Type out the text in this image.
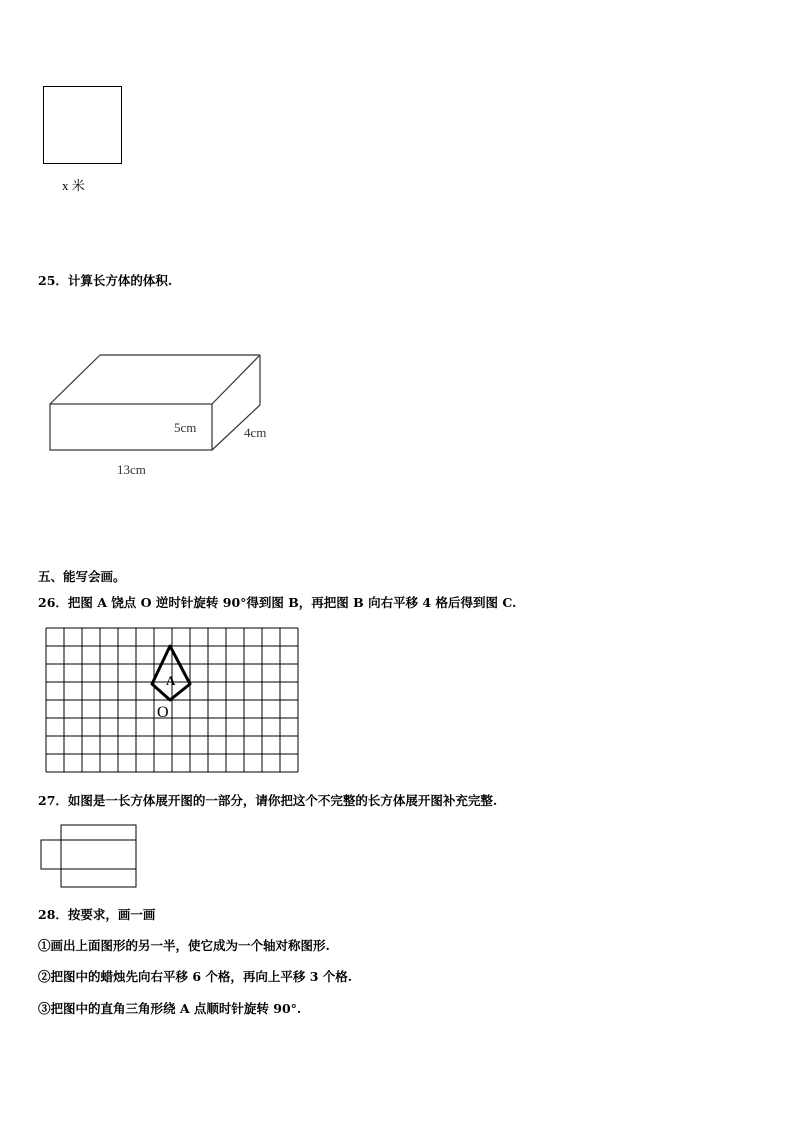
x 米
25．计算长方体的体积.
5cm	4cm
13cm
五、能写会画。
26．把图 A 饶点 O 逆时针旋转 90°得到图 B，再把图 B 向右平移 4 格后得到图 C.
A
O
27．如图是一长方体展开图的一部分，请你把这个不完整的长方体展开图补充完整.
28．按要求，画一画
①画出上面图形的另一半，使它成为一个轴对称图形.
②把图中的蜡烛先向右平移 6 个格，再向上平移 3 个格.
③把图中的直角三角形绕 A 点顺时针旋转 90°.
